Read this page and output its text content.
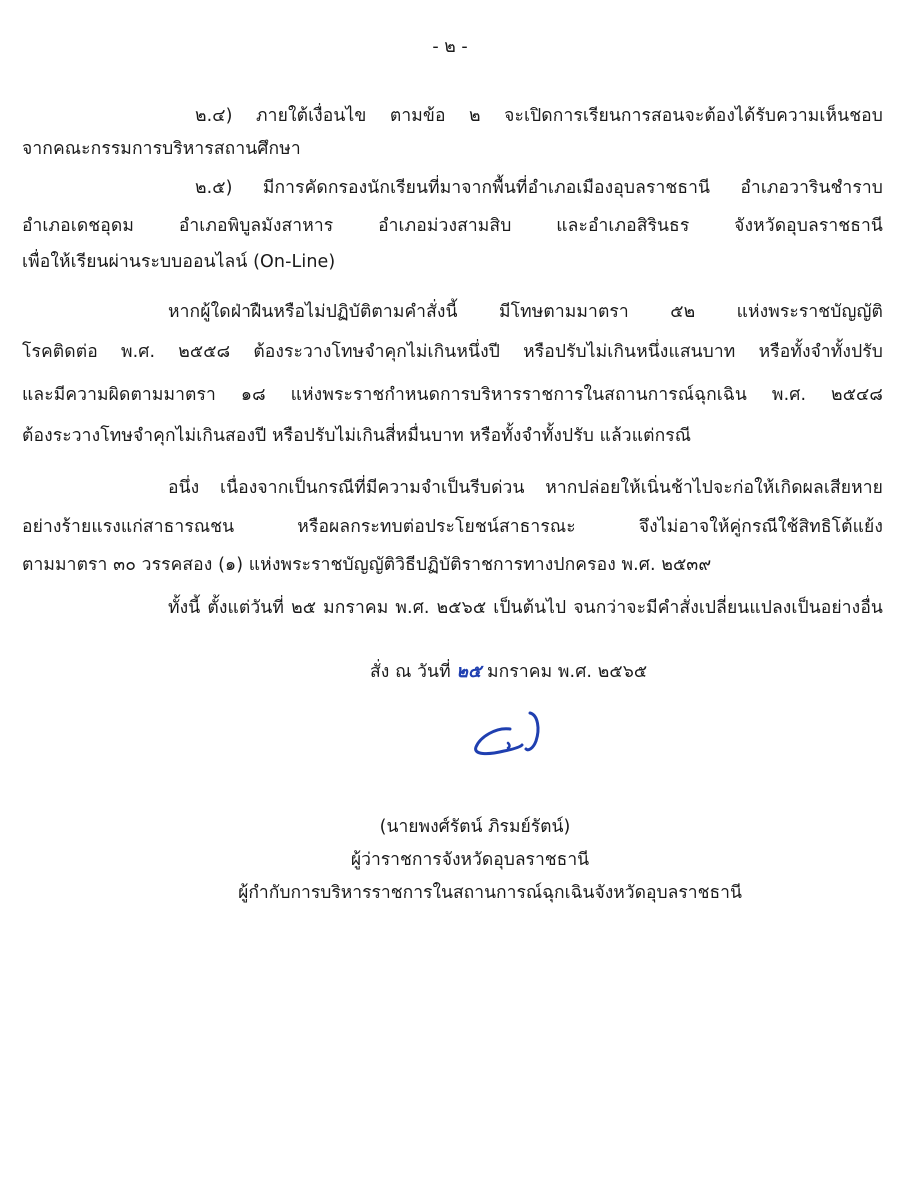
- ๒ -
๒.๔) ภายใต้เงื่อนไข ตามข้อ ๒ จะเปิดการเรียนการสอนจะต้องได้รับความเห็นชอบ
จากคณะกรรมการบริหารสถานศึกษา
๒.๕) มีการคัดกรองนักเรียนที่มาจากพื้นที่อำเภอเมืองอุบลราชธานี อำเภอวารินชำราบ
อำเภอเดชอุดม อำเภอพิบูลมังสาหาร อำเภอม่วงสามสิบ และอำเภอสิรินธร จังหวัดอุบลราชธานี
เพื่อให้เรียนผ่านระบบออนไลน์ (On-Line)
หากผู้ใดฝ่าฝืนหรือไม่ปฏิบัติตามคำสั่งนี้ มีโทษตามมาตรา ๕๒ แห่งพระราชบัญญัติ
โรคติดต่อ พ.ศ. ๒๕๕๘ ต้องระวางโทษจำคุกไม่เกินหนึ่งปี หรือปรับไม่เกินหนึ่งแสนบาท หรือทั้งจำทั้งปรับ
และมีความผิดตามมาตรา ๑๘ แห่งพระราชกำหนดการบริหารราชการในสถานการณ์ฉุกเฉิน พ.ศ. ๒๕๔๘
ต้องระวางโทษจำคุกไม่เกินสองปี หรือปรับไม่เกินสี่หมื่นบาท หรือทั้งจำทั้งปรับ แล้วแต่กรณี
อนึ่ง เนื่องจากเป็นกรณีที่มีความจำเป็นรีบด่วน หากปล่อยให้เนิ่นช้าไปจะก่อให้เกิดผลเสียหาย
อย่างร้ายแรงแก่สาธารณชน หรือผลกระทบต่อประโยชน์สาธารณะ จึงไม่อาจให้คู่กรณีใช้สิทธิโต้แย้ง
ตามมาตรา ๓๐ วรรคสอง (๑) แห่งพระราชบัญญัติวิธีปฏิบัติราชการทางปกครอง พ.ศ. ๒๕๓๙
ทั้งนี้ ตั้งแต่วันที่ ๒๕ มกราคม พ.ศ. ๒๕๖๕ เป็นต้นไป จนกว่าจะมีคำสั่งเปลี่ยนแปลงเป็นอย่างอื่น
สั่ง ณ วันที่ ๒๕ มกราคม พ.ศ. ๒๕๖๕
(นายพงศ์รัตน์ ภิรมย์รัตน์)
ผู้ว่าราชการจังหวัดอุบลราชธานี
ผู้กำกับการบริหารราชการในสถานการณ์ฉุกเฉินจังหวัดอุบลราชธานี
